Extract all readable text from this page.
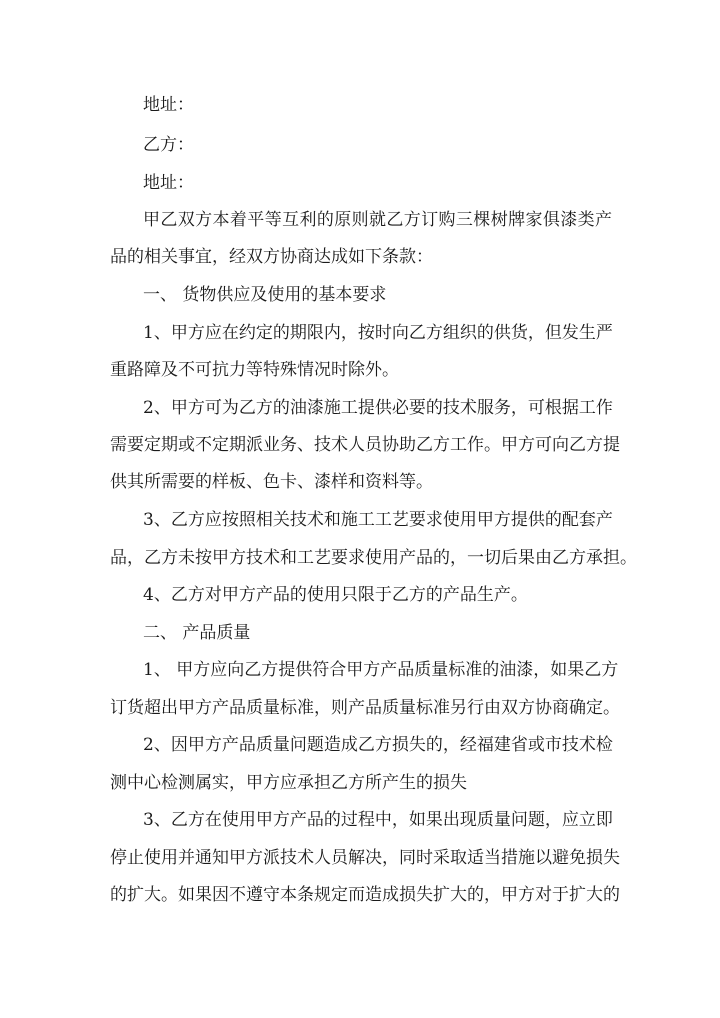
地址：
乙方：
地址：
甲乙双方本着平等互利的原则就乙方订购三棵树牌家俱漆类产
品的相关事宜，经双方协商达成如下条款：
一、 货物供应及使用的基本要求
1、甲方应在约定的期限内，按时向乙方组织的供货，但发生严
重路障及不可抗力等特殊情况时除外。
2、甲方可为乙方的油漆施工提供必要的技术服务，可根据工作
需要定期或不定期派业务、技术人员协助乙方工作。甲方可向乙方提
供其所需要的样板、色卡、漆样和资料等。
3、乙方应按照相关技术和施工工艺要求使用甲方提供的配套产
品，乙方未按甲方技术和工艺要求使用产品的，一切后果由乙方承担。
4、乙方对甲方产品的使用只限于乙方的产品生产。
二、 产品质量
1、 甲方应向乙方提供符合甲方产品质量标准的油漆，如果乙方
订货超出甲方产品质量标准，则产品质量标准另行由双方协商确定。
2、因甲方产品质量问题造成乙方损失的，经福建省或市技术检
测中心检测属实，甲方应承担乙方所产生的损失
3、乙方在使用甲方产品的过程中，如果出现质量问题，应立即
停止使用并通知甲方派技术人员解决，同时采取适当措施以避免损失
的扩大。如果因不遵守本条规定而造成损失扩大的，甲方对于扩大的
